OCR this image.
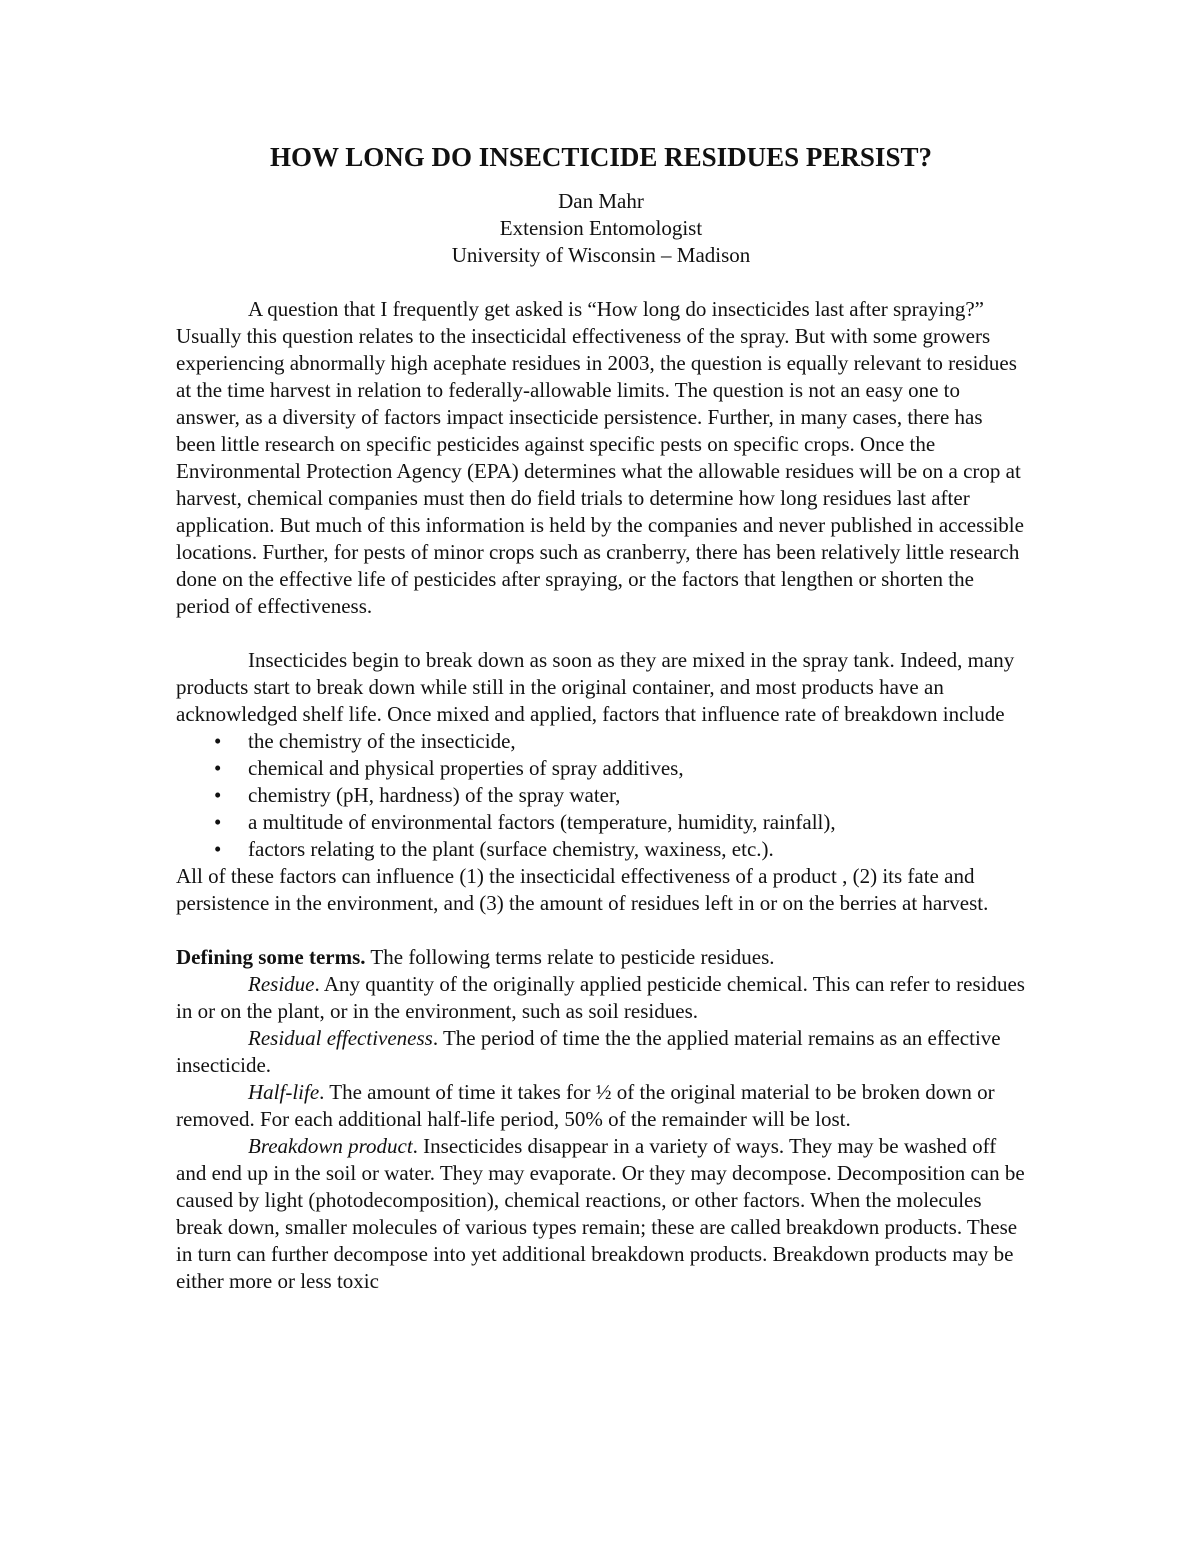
HOW LONG DO INSECTICIDE RESIDUES PERSIST?
Dan Mahr
Extension Entomologist
University of Wisconsin – Madison

A question that I frequently get asked is “How long do insecticides last after spraying?” Usually this question relates to the insecticidal effectiveness of the spray. But with some growers experiencing abnormally high acephate residues in 2003, the question is equally relevant to residues at the time harvest in relation to federally-allowable limits. The question is not an easy one to answer, as a diversity of factors impact insecticide persistence. Further, in many cases, there has been little research on specific pesticides against specific pests on specific crops. Once the Environmental Protection Agency (EPA) determines what the allowable residues will be on a crop at harvest, chemical companies must then do field trials to determine how long residues last after application. But much of this information is held by the companies and never published in accessible locations. Further, for pests of minor crops such as cranberry, there has been relatively little research done on the effective life of pesticides after spraying, or the factors that lengthen or shorten the period of effectiveness.

Insecticides begin to break down as soon as they are mixed in the spray tank. Indeed, many products start to break down while still in the original container, and most products have an acknowledged shelf life. Once mixed and applied, factors that influence rate of breakdown include

• the chemistry of the insecticide,
• chemical and physical properties of spray additives,
• chemistry (pH, hardness) of the spray water,
• a multitude of environmental factors (temperature, humidity, rainfall),
• factors relating to the plant (surface chemistry, waxiness, etc.).

All of these factors can influence (1) the insecticidal effectiveness of a product , (2) its fate and persistence in the environment, and (3) the amount of residues left in or on the berries at harvest.

Defining some terms. The following terms relate to pesticide residues.

Residue. Any quantity of the originally applied pesticide chemical. This can refer to residues in or on the plant, or in the environment, such as soil residues.

Residual effectiveness. The period of time the the applied material remains as an effective insecticide.

Half-life. The amount of time it takes for ½ of the original material to be broken down or removed. For each additional half-life period, 50% of the remainder will be lost.

Breakdown product. Insecticides disappear in a variety of ways. They may be washed off and end up in the soil or water. They may evaporate. Or they may decompose. Decomposition can be caused by light (photodecomposition), chemical reactions, or other factors. When the molecules break down, smaller molecules of various types remain; these are called breakdown products. These in turn can further decompose into yet additional breakdown products. Breakdown products may be either more or less toxic
